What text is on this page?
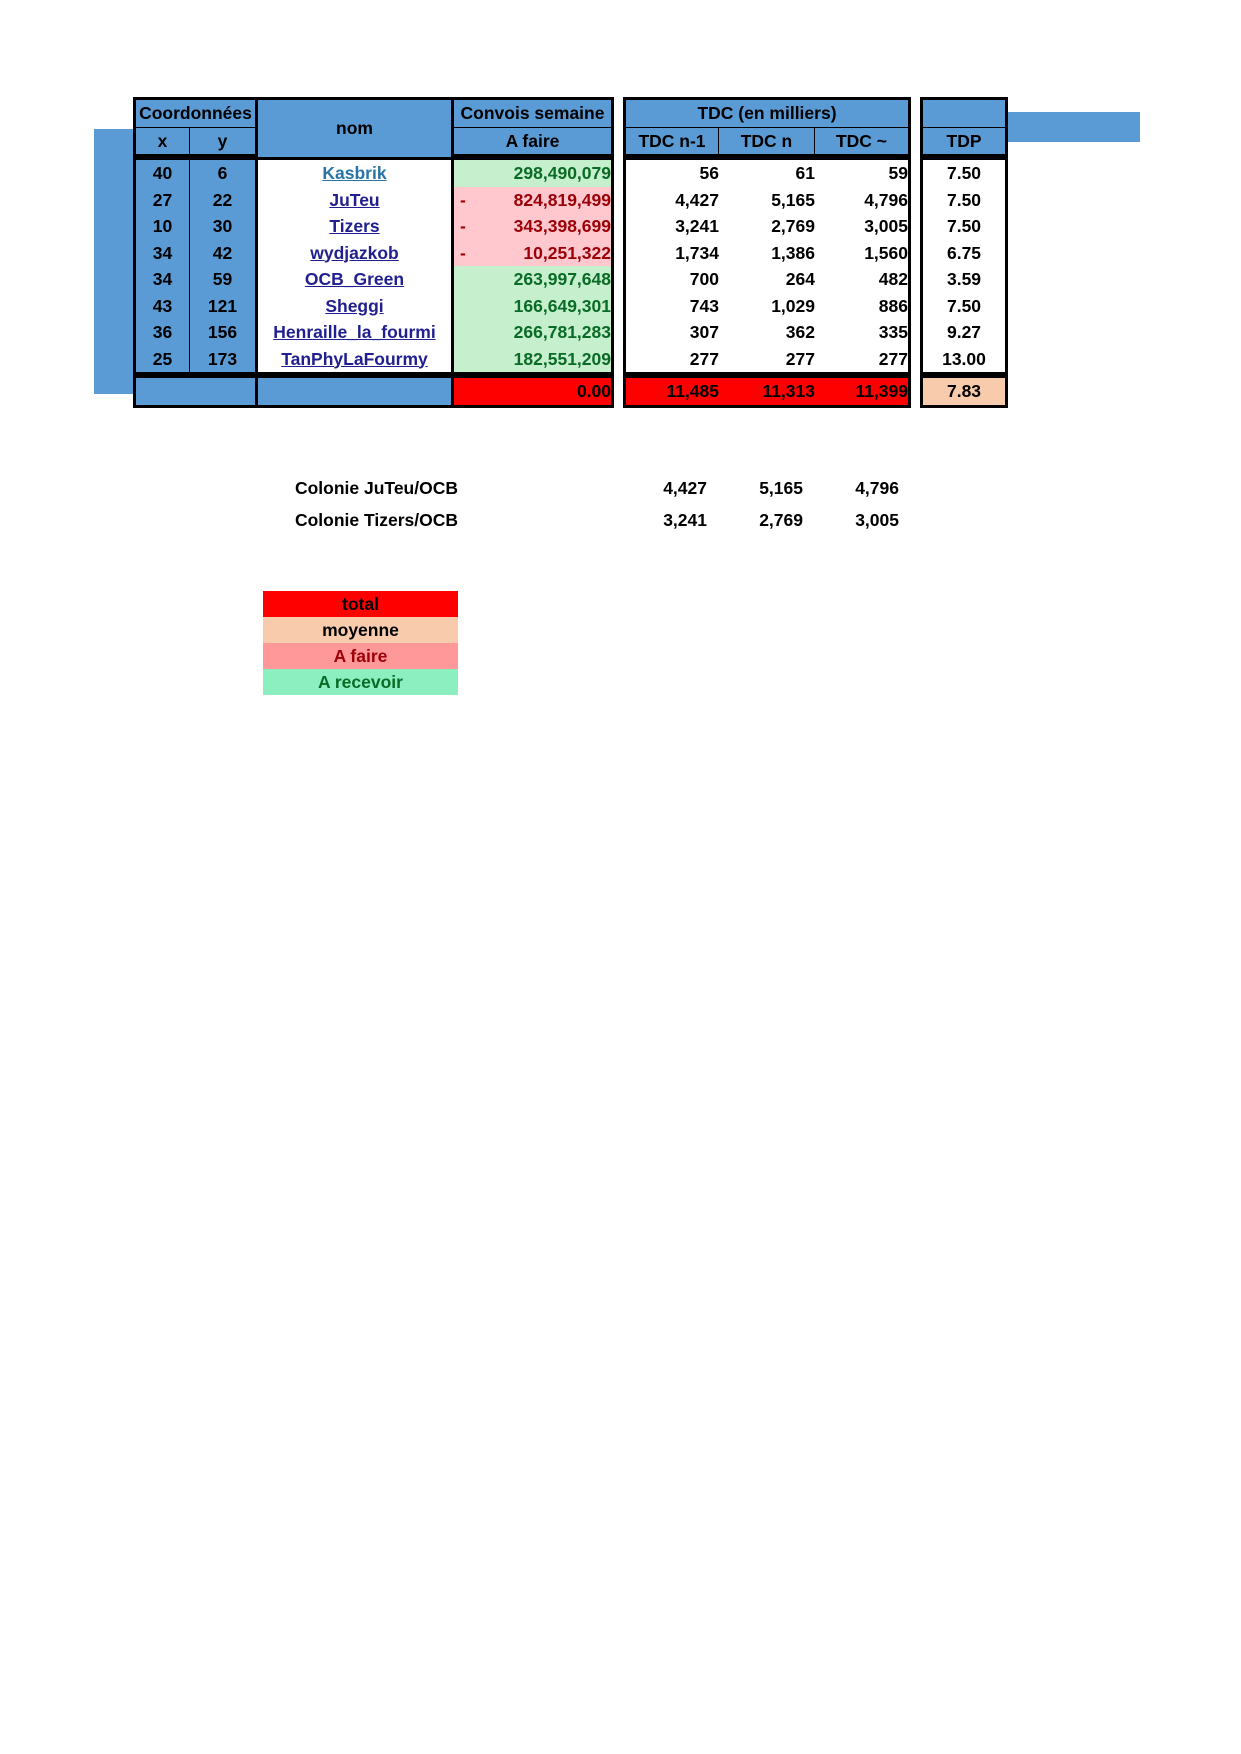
Coordonnées		nom	Convois semaine		TDC (en milliers)				
x	y		A faire		TDC n-1	TDC n	TDC ~		TDP
40	6	Kasbrik	298,490,079		56	61	59		7.50
27	22	JuTeu	- 824,819,499		4,427	5,165	4,796		7.50
10	30	Tizers	- 343,398,699		3,241	2,769	3,005		7.50
34	42	wydjazkob	- 10,251,322		1,734	1,386	1,560		6.75
34	59	OCB_Green	263,997,648		700	264	482		3.59
43	121	Sheggi	166,649,301		743	1,029	886		7.50
36	156	Henraille_la_fourmi	266,781,283		307	362	335		9.27
25	173	TanPhyLaFourmy	182,551,209		277	277	277		13.00
			0.00		11,485	11,313	11,399		7.83
Colonie JuTeu/OCB		4,427	5,165	4,796
Colonie Tizers/OCB		3,241	2,769	3,005
total
moyenne
A faire
A recevoir
